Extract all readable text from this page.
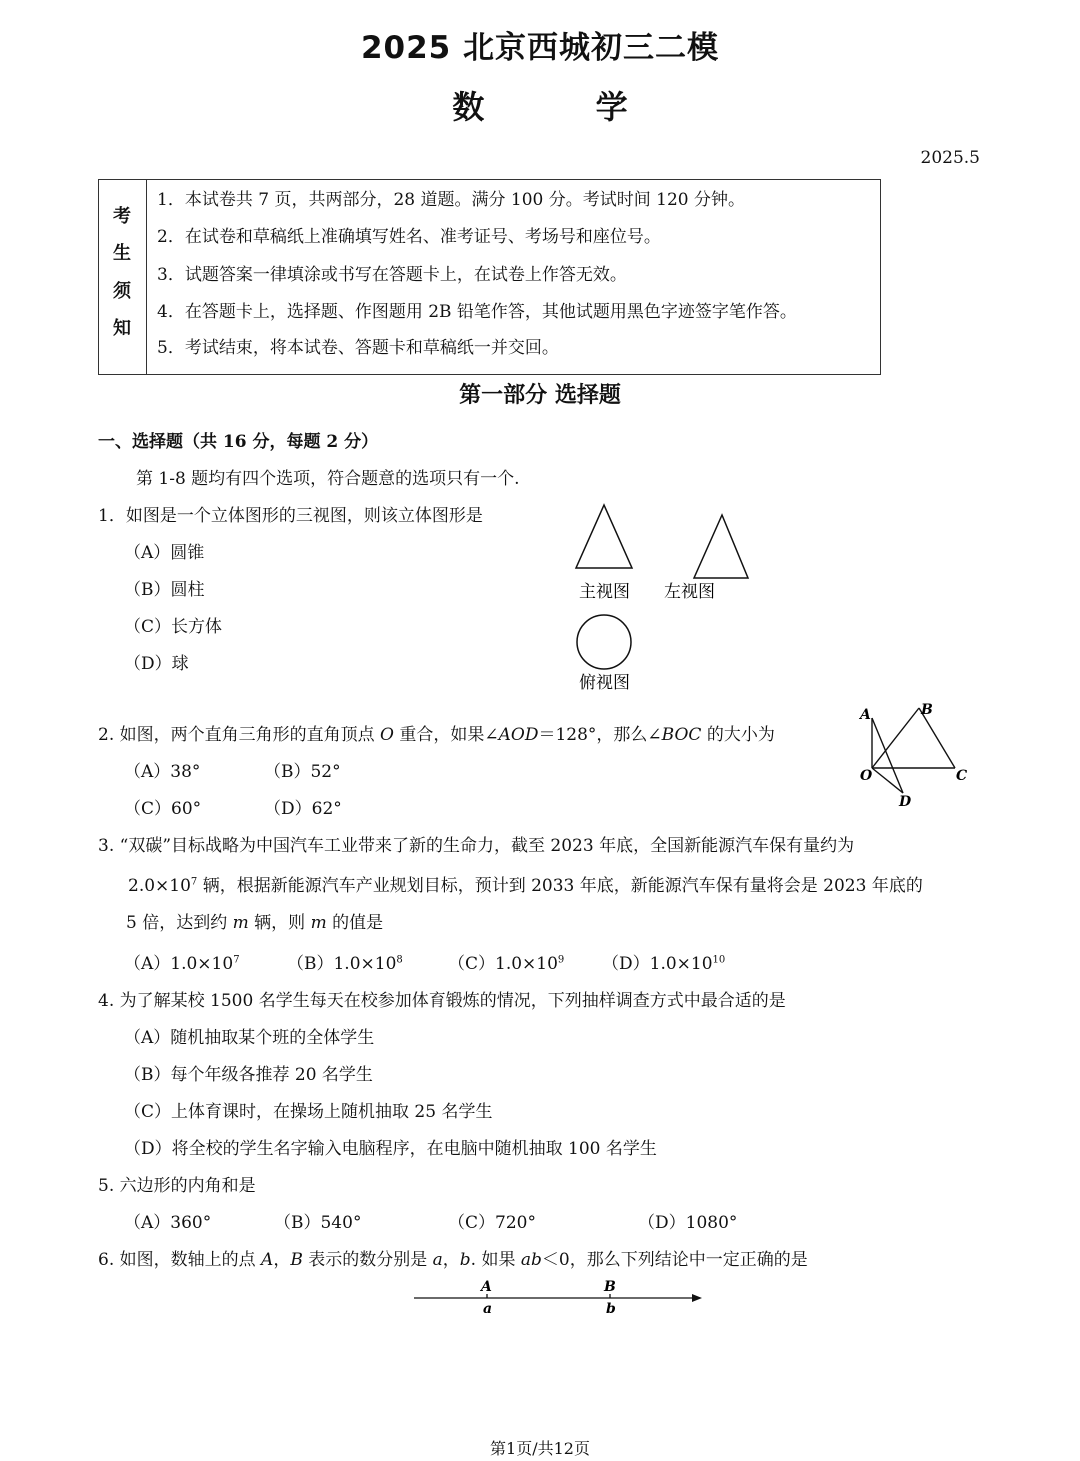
2025 北京西城初三二模
数 学
2025.5
考
生
须
知
1．本试卷共 7 页，共两部分，28 道题。满分 100 分。考试时间 120 分钟。
2．在试卷和草稿纸上准确填写姓名、准考证号、考场号和座位号。
3．试题答案一律填涂或书写在答题卡上，在试卷上作答无效。
4．在答题卡上，选择题、作图题用 2B 铅笔作答，其他试题用黑色字迹签字笔作答。
5．考试结束，将本试卷、答题卡和草稿纸一并交回。
第一部分 选择题
一、选择题（共 16 分，每题 2 分）
第 1-8 题均有四个选项，符合题意的选项只有一个.
1．如图是一个立体图形的三视图，则该立体图形是
（A）圆锥
（B）圆柱
（C）长方体
（D）球
主视图 左视图
俯视图
2. 如图，两个直角三角形的直角顶点 O 重合，如果∠AOD＝128°，那么∠BOC 的大小为
（A）38°	（B）52°
（C）60°	（D）62°
A	B
O	C
D
3. “双碳”目标战略为中国汽车工业带来了新的生命力，截至 2023 年底，全国新能源汽车保有量约为
$2.0\times 10^7$ 辆，根据新能源汽车产业规划目标，预计到 2033 年底，新能源汽车保有量将会是 2023 年底的
5 倍，达到约 m 辆，则 m 的值是
$(A)1.0\times 10^7$	$(B)1.0\times 10^8$	$(C)1.0\times 10^9$ $(D)1.0\times 10^{10}$
4. 为了解某校 1500 名学生每天在校参加体育锻炼的情况，下列抽样调查方式中最合适的是
（A）随机抽取某个班的全体学生
（B）每个年级各推荐 20 名学生
（C）上体育课时，在操场上随机抽取 25 名学生
（D）将全校的学生名字输入电脑程序，在电脑中随机抽取 100 名学生
5. 六边形的内角和是
（A）360°	（B）540°	（C）720°	（D）1080°
6. 如图，数轴上的点 A，B 表示的数分别是 a，b. 如果 ab＜0，那么下列结论中一定正确的是
A	B
a	b
第1页/共12页
